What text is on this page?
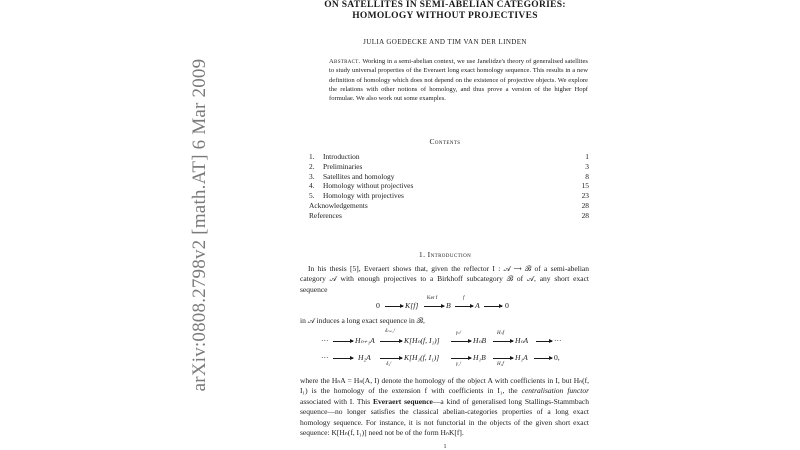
arXiv:0808.2798v2 [math.AT] 6 Mar 2009
ON SATELLITES IN SEMI-ABELIAN CATEGORIES:
HOMOLOGY WITHOUT PROJECTIVES
JULIA GOEDECKE AND TIM VAN DER LINDEN
Abstract. Working in a semi-abelian context, we use Janelidze's theory of generalised satellites to study universal properties of the Everaert long exact homology sequence. This results in a new definition of homology which does not depend on the existence of projective objects. We explore the relations with other notions of homology, and thus prove a version of the higher Hopf formulae. We also work out some examples.
Contents
1. Introduction	1
2. Preliminaries	3
3. Satellites and homology	8
4. Homology without projectives	15
5. Homology with projectives	23
Acknowledgements	28
References	28
1. Introduction
In his thesis [5], Everaert shows that, given the reflector I : 𝒜 ⟶ ℬ of a semi-abelian category 𝒜 with enough projectives to a Birkhoff subcategory ℬ of 𝒜, any short exact sequence
0	K[f]
Ker f
B
f
A	0
in 𝒜 induces a long exact sequence in ℬ,
···	Hₙ₊₁A
δₙ₊₁ᶠ
K[Hₙ(f, I₁)]
γₙᶠ
HₙB
Hₙf
HₙA	···
···	H₂A
δ₂ᶠ
K[H₁(f, I₁)]
γ₁ᶠ
H₁B
H₁f
H₁A	0,
where the HₙA = Hₙ(A, I) denote the homology of the object A with coefficients in I, but Hₙ(f, I₁) is the homology of the extension f with coefficients in I₁, the centralisation functor associated with I. This Everaert sequence—a kind of generalised long Stallings-Stammbach sequence—no longer satisfies the classical abelian-categories properties of a long exact homology sequence. For instance, it is not functorial in the objects of the given short exact sequence: K[Hₙ(f, I₁)] need not be of the form HₙK[f].
1
